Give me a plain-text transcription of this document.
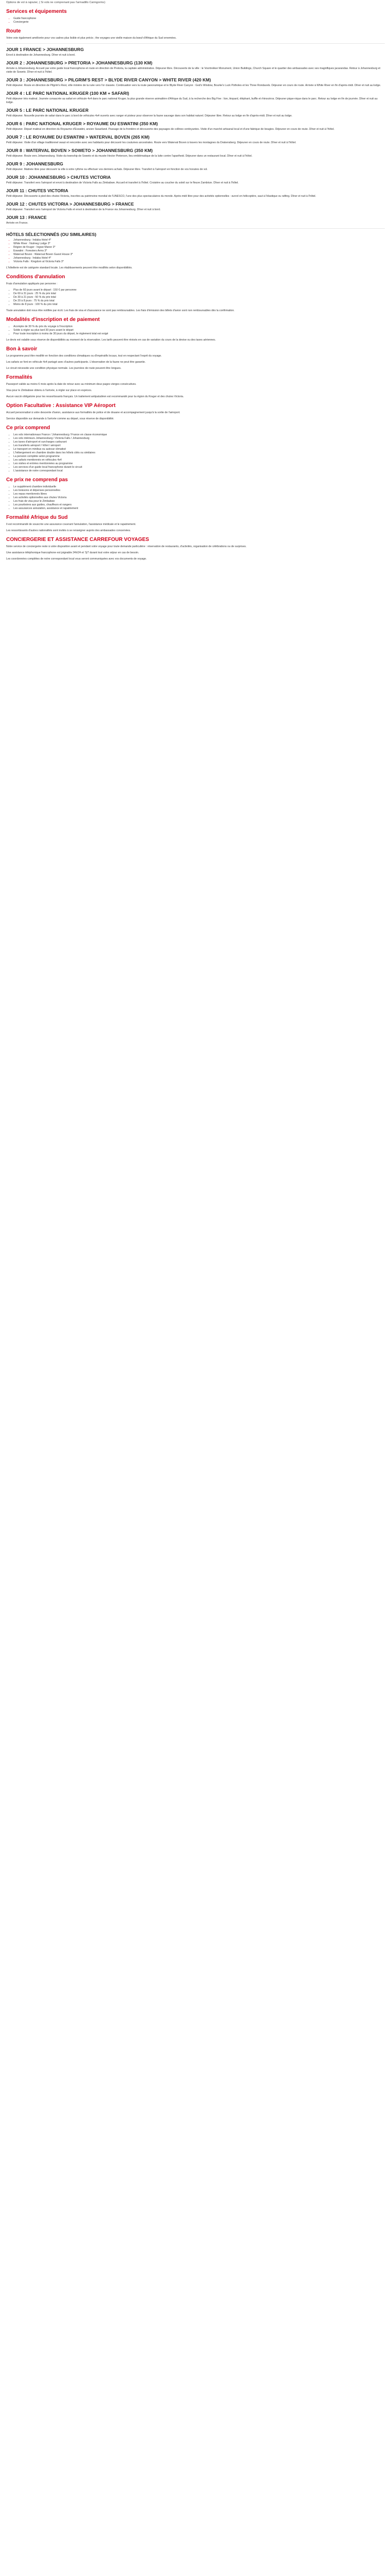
Options de vol à rajouter, ( Si vols ne comprenant pas l'armadillo Cairngorms)

Services et équipements
• Guide francophone
• Conciergerie
Route

Votre voie également améliorée pour vos cadres plus lisible et plus précis ; the voyages une vieille maison du bœuf d'Afrique du Sud ornemées.

JOUR 1 FRANCE > JOHANNESBURG

Envol à destination de Johannesburg. Dîner et nuit à bord.

JOUR 2 : JOHANNESBURG > PRETORIA > JOHANNESBURG (130 KM)

Arrivée à Johannesburg. Accueil par votre guide local francophone et route en direction de Pretoria, la capitale administrative. Déjeuner libre. Découverte de la ville : le Voortrekker Monument, Union Buildings, Church Square et le quartier des ambassades avec ses magnifiques jacarandas. Retour à Johannesburg et visite de Soweto. Dîner et nuit à l'hôtel.

JOUR 3 : JOHANNESBURG > PILGRIM'S REST > BLYDE RIVER CANYON > WHITE RIVER (420 KM)

Petit déjeuner. Route en direction de Pilgrim's Rest, ville minière de la ruée vers l'or classée. Continuation vers la route panoramique et le Blyde River Canyon : God's Window, Bourke's Luck Potholes et les Three Rondavels. Déjeuner en cours de route. Arrivée à White River en fin d'après-midi. Dîner et nuit au lodge.

JOUR 4 : LE PARC NATIONAL KRUGER (100 KM + SAFARI)

Petit déjeuner très matinal. Journée consacrée au safari en véhicule 4x4 dans le parc national Kruger, la plus grande réserve animalière d'Afrique du Sud, à la recherche des Big Five : lion, léopard, éléphant, buffle et rhinocéros. Déjeuner pique-nique dans le parc. Retour au lodge en fin de journée. Dîner et nuit au lodge.

JOUR 5 : LE PARC NATIONAL KRUGER

Petit déjeuner. Nouvelle journée de safari dans le parc à bord de véhicules 4x4 ouverts avec ranger et pisteur pour observer la faune sauvage dans son habitat naturel. Déjeuner libre. Retour au lodge en fin d'après-midi. Dîner et nuit au lodge.

JOUR 6 : PARC NATIONAL KRUGER > ROYAUME DU ESWATINI (350 KM)

Petit déjeuner. Départ matinal en direction du Royaume d'Eswatini, ancien Swaziland. Passage de la frontière et découverte des paysages de collines verdoyantes. Visite d'un marché artisanal local et d'une fabrique de bougies. Déjeuner en cours de route. Dîner et nuit à l'hôtel.

JOUR 7 : LE ROYAUME DU ESWATINI > WATERVAL BOVEN (265 KM)

Petit déjeuner. Visite d'un village traditionnel swazi et rencontre avec ses habitants pour découvrir les coutumes ancestrales. Route vers Waterval Boven à travers les montagnes du Drakensberg. Déjeuner en cours de route. Dîner et nuit à l'hôtel.

JOUR 8 : WATERVAL BOVEN > SOWETO > JOHANNESBURG (350 KM)

Petit déjeuner. Route vers Johannesburg. Visite du township de Soweto et du musée Hector Pieterson, lieu emblématique de la lutte contre l'apartheid. Déjeuner dans un restaurant local. Dîner et nuit à l'hôtel.

JOUR 9 : JOHANNESBURG

Petit déjeuner. Matinée libre pour découvrir la ville à votre rythme ou effectuer vos derniers achats. Déjeuner libre. Transfert à l'aéroport en fonction de vos horaires de vol.

JOUR 10 : JOHANNESBURG > CHUTES VICTORIA

Petit déjeuner. Transfert vers l'aéroport et envol à destination de Victoria Falls au Zimbabwe. Accueil et transfert à l'hôtel. Croisière au coucher du soleil sur le fleuve Zambèze. Dîner et nuit à l'hôtel.

JOUR 11 : CHUTES VICTORIA

Petit déjeuner. Découverte à pied des chutes Victoria, inscrites au patrimoine mondial de l'UNESCO, l'une des plus spectaculaires du monde. Après-midi libre pour des activités optionnelles : survol en hélicoptère, saut à l'élastique ou rafting. Dîner et nuit à l'hôtel.

JOUR 12 : CHUTES VICTORIA > JOHANNESBURG > FRANCE

Petit déjeuner. Transfert vers l'aéroport de Victoria Falls et envol à destination de la France via Johannesburg. Dîner et nuit à bord.

JOUR 13 : FRANCE

Arrivée en France.

HÔTELS SÉLECTIONNÉS (OU SIMILAIRES)
• Johannesburg : Indaba Hotel 4*
• White River : Nutmeg Lodge 3*
• Région de Kruger : Ingwe Manor 3*
• Eswatini : Foresters Arms 3*
• Waterval Boven : Waterval Boven Guest House 3*
• Johannesburg : Indaba Hotel 4*
• Victoria Falls : Kingdom at Victoria Falls 3*

L'hôtellerie est de catégorie standard locale. Les établissements peuvent être modifiés selon disponibilités.

Conditions d'annulation

Frais d'annulation appliqués par personne :

• Plus de 60 jours avant le départ : 150 € par personne
• De 60 à 31 jours : 25 % du prix total
• De 30 à 21 jours : 50 % du prix total
• De 20 à 8 jours : 75 % du prix total
• Moins de 8 jours : 100 % du prix total

Toute annulation doit nous être notifiée par écrit. Les frais de visa et d'assurance ne sont pas remboursables. Les frais d'émission des billets d'avion sont non remboursables dès la confirmation.

Modalités d'inscription et de paiement
• Acompte de 30 % du prix du voyage à l'inscription
• Solde à régler au plus tard 30 jours avant le départ
• Pour toute inscription à moins de 30 jours du départ, le règlement total est exigé

Le devis est valable sous réserve de disponibilités au moment de la réservation. Les tarifs peuvent être révisés en cas de variation du cours de la devise ou des taxes aériennes.

Bon à savoir

Le programme peut être modifié en fonction des conditions climatiques ou d'impératifs locaux, tout en respectant l'esprit du voyage.

Les safaris se font en véhicule 4x4 partagé avec d'autres participants. L'observation de la faune ne peut être garantie.

Le circuit nécessite une condition physique normale. Les journées de route peuvent être longues.

Formalités

Passeport valide au moins 6 mois après la date de retour avec au minimum deux pages vierges consécutives.

Visa pour le Zimbabwe obtenu à l'arrivée, à régler sur place en espèces.

Aucun vaccin obligatoire pour les ressortissants français. Un traitement antipaludéen est recommandé pour la région du Kruger et des chutes Victoria.

Option Facultative : Assistance VIP Aéroport

Accueil personnalisé à votre descente d'avion, assistance aux formalités de police et de douane et accompagnement jusqu'à la sortie de l'aéroport.

Service disponible sur demande à l'arrivée comme au départ, sous réserve de disponibilité.

Ce prix comprend
• Les vols internationaux France / Johannesburg / France en classe économique
• Les vols intérieurs Johannesburg / Victoria Falls / Johannesburg
• Les taxes d'aéroport et surcharges carburant
• Les transferts aéroport / hôtel / aéroport
• Le transport en minibus ou autocar climatisé
• L'hébergement en chambre double dans les hôtels cités ou similaires
• La pension complète selon programme
• Les safaris mentionnés en véhicules 4x4
• Les visites et entrées mentionnées au programme
• Les services d'un guide local francophone durant le circuit
• L'assistance de notre correspondant local
Ce prix ne comprend pas
• Le supplément chambre individuelle
• Les boissons et dépenses personnelles
• Les repas mentionnés libres
• Les activités optionnelles aux chutes Victoria
• Les frais de visa pour le Zimbabwe
• Les pourboires aux guides, chauffeurs et rangers
• Les assurances annulation, assistance et rapatriement
Formalité Afrique du Sud

Il est recommandé de souscrire une assurance couvrant l'annulation, l'assistance médicale et le rapatriement.

Les ressortissants d'autres nationalités sont invités à se renseigner auprès des ambassades concernées.

CONCIERGERIE ET ASSISTANCE CARREFOUR VOYAGES

Notre service de conciergerie reste à votre disposition avant et pendant votre voyage pour toute demande particulière : réservation de restaurants, d'activités, organisation de célébrations ou de surprises.

Une assistance téléphonique francophone est joignable 24h/24 et 7j/7 durant tout votre séjour en cas de besoin.

Les coordonnées complètes de notre correspondant local vous seront communiquées avec vos documents de voyage.
